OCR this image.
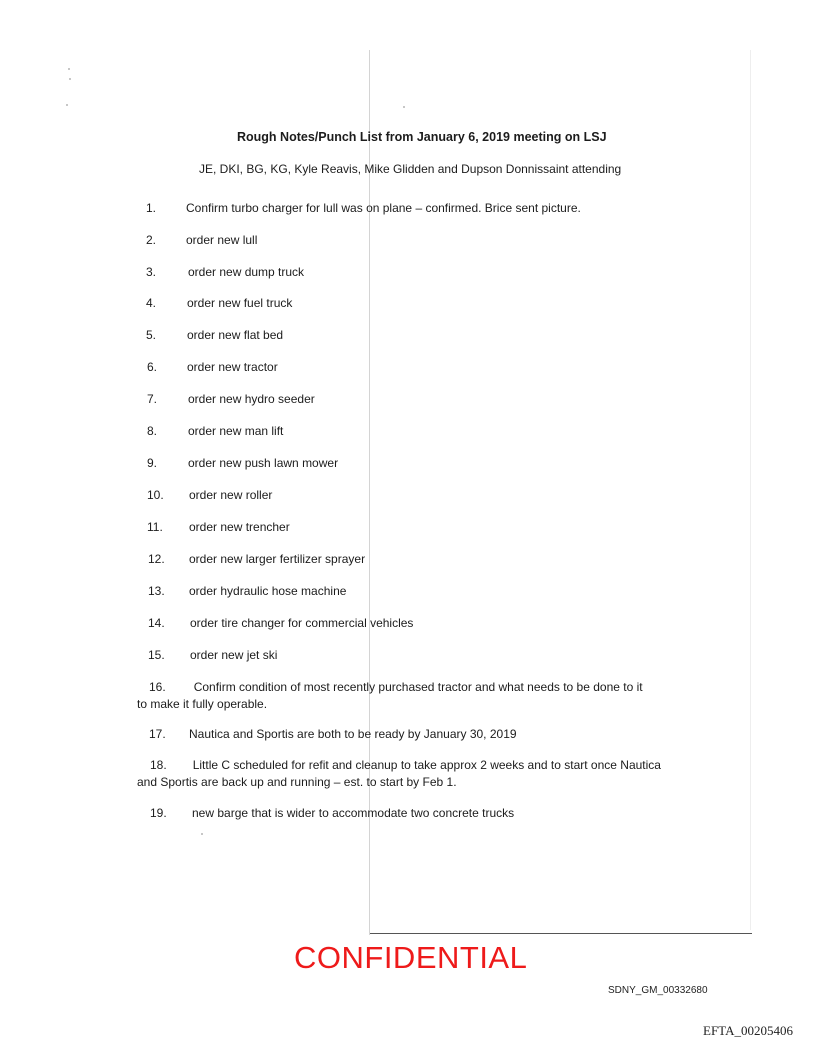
Rough Notes/Punch List from January 6, 2019 meeting on LSJ
JE, DKI, BG, KG, Kyle Reavis, Mike Glidden and Dupson Donnissaint attending
1. Confirm turbo charger for lull was on plane – confirmed. Brice sent picture.
2. order new lull
3.	order new dump truck
4.	order new fuel truck
5.	order new flat bed
6. order new tractor
7.	order new hydro seeder
8.	order new man lift
9.	order new push lawn mower
10. order new roller
11. order new trencher
12. order new larger fertilizer sprayer
13. order hydraulic hose machine
14. order tire changer for commercial vehicles
15. order new jet ski
16. Confirm condition of most recently purchased tractor and what needs to be done to it
to make it fully operable.
17. Nautica and Sportis are both to be ready by January 30, 2019
18. Little C scheduled for refit and cleanup to take approx 2 weeks and to start once Nautica
and Sportis are back up and running – est. to start by Feb 1.
19. new barge that is wider to accommodate two concrete trucks
CONFIDENTIAL
SDNY_GM_00332680
EFTA_00205406
